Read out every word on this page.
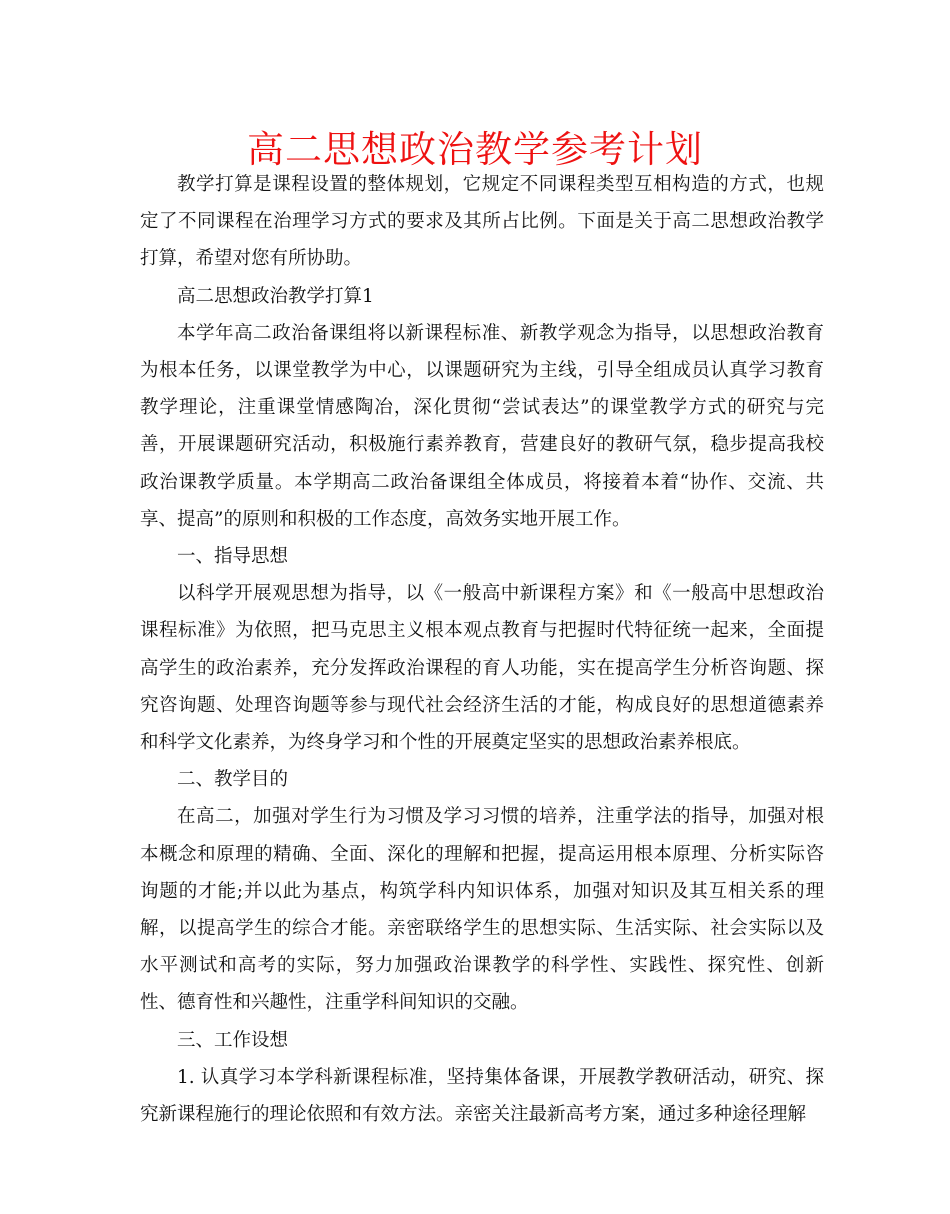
高二思想政治教学参考计划

教学打算是课程设置的整体规划，它规定不同课程类型互相构造的方式，也规定了不同课程在治理学习方式的要求及其所占比例。下面是关于高二思想政治教学打算，希望对您有所协助。

高二思想政治教学打算1

本学年高二政治备课组将以新课程标准、新教学观念为指导，以思想政治教育为根本任务，以课堂教学为中心，以课题研究为主线，引导全组成员认真学习教育教学理论，注重课堂情感陶冶，深化贯彻“尝试表达”的课堂教学方式的研究与完善，开展课题研究活动，积极施行素养教育，营建良好的教研气氛，稳步提高我校政治课教学质量。本学期高二政治备课组全体成员，将接着本着“协作、交流、共享、提高”的原则和积极的工作态度，高效务实地开展工作。

一、指导思想

以科学开展观思想为指导，以《一般高中新课程方案》和《一般高中思想政治课程标准》为依照，把马克思主义根本观点教育与把握时代特征统一起来，全面提高学生的政治素养，充分发挥政治课程的育人功能，实在提高学生分析咨询题、探究咨询题、处理咨询题等参与现代社会经济生活的才能，构成良好的思想道德素养和科学文化素养，为终身学习和个性的开展奠定坚实的思想政治素养根底。

二、教学目的

在高二，加强对学生行为习惯及学习习惯的培养，注重学法的指导，加强对根本概念和原理的精确、全面、深化的理解和把握，提高运用根本原理、分析实际咨询题的才能;并以此为基点，构筑学科内知识体系，加强对知识及其互相关系的理解，以提高学生的综合才能。亲密联络学生的思想实际、生活实际、社会实际以及水平测试和高考的实际，努力加强政治课教学的科学性、实践性、探究性、创新性、德育性和兴趣性，注重学科间知识的交融。

三、工作设想

1. 认真学习本学科新课程标准，坚持集体备课，开展教学教研活动，研究、探究新课程施行的理论依照和有效方法。亲密关注最新高考方案，通过多种途径理解
